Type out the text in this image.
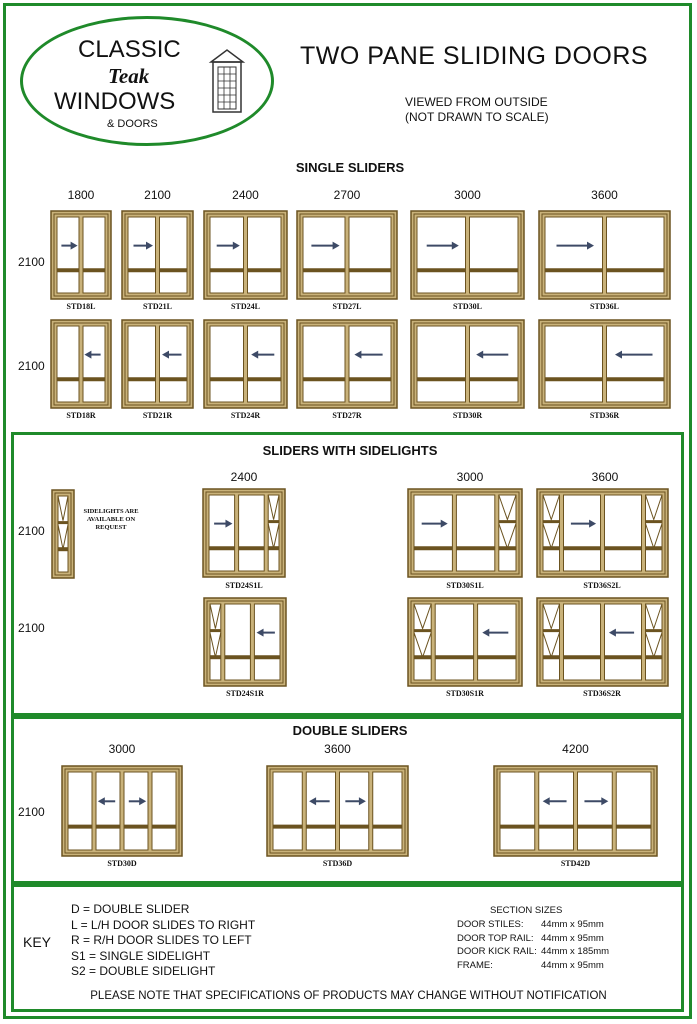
CLASSIC
Teak
WINDOWS
& DOORS
TWO PANE SLIDING DOORS
VIEWED FROM OUTSIDE
(NOT DRAWN TO SCALE)
SINGLE SLIDERS
SLIDERS WITH SIDELIGHTS
2100
2100
SIDELIGHTS ARE AVAILABLE ON REQUEST
DOUBLE SLIDERS
2100
KEY
D = DOUBLE SLIDER
L = L/H DOOR SLIDES TO RIGHT
R = R/H DOOR SLIDES TO LEFT
S1 = SINGLE SIDELIGHT
S2 = DOUBLE SIDELIGHT
SECTION SIZES
DOOR STILES: 44mm x 95mm
DOOR TOP RAIL: 44mm x 95mm
DOOR KICK RAIL: 44mm x 185mm
FRAME:	44mm x 95mm
PLEASE NOTE THAT SPECIFICATIONS OF PRODUCTS MAY CHANGE WITHOUT NOTIFICATION
1800
STD18L
STD18R
2100
STD21L
STD21R
2400
STD24L
STD24R
2700
STD27L
STD27R
3000
STD30L
STD30R
3600
STD36L
STD36R
2100
2100
2400	3000	3600
STD24S1L	STD30S1L	STD36S2L
STD24S1R	STD30S1R	STD36S2R
3000
STD30D
3600
STD36D
4200
STD42D
